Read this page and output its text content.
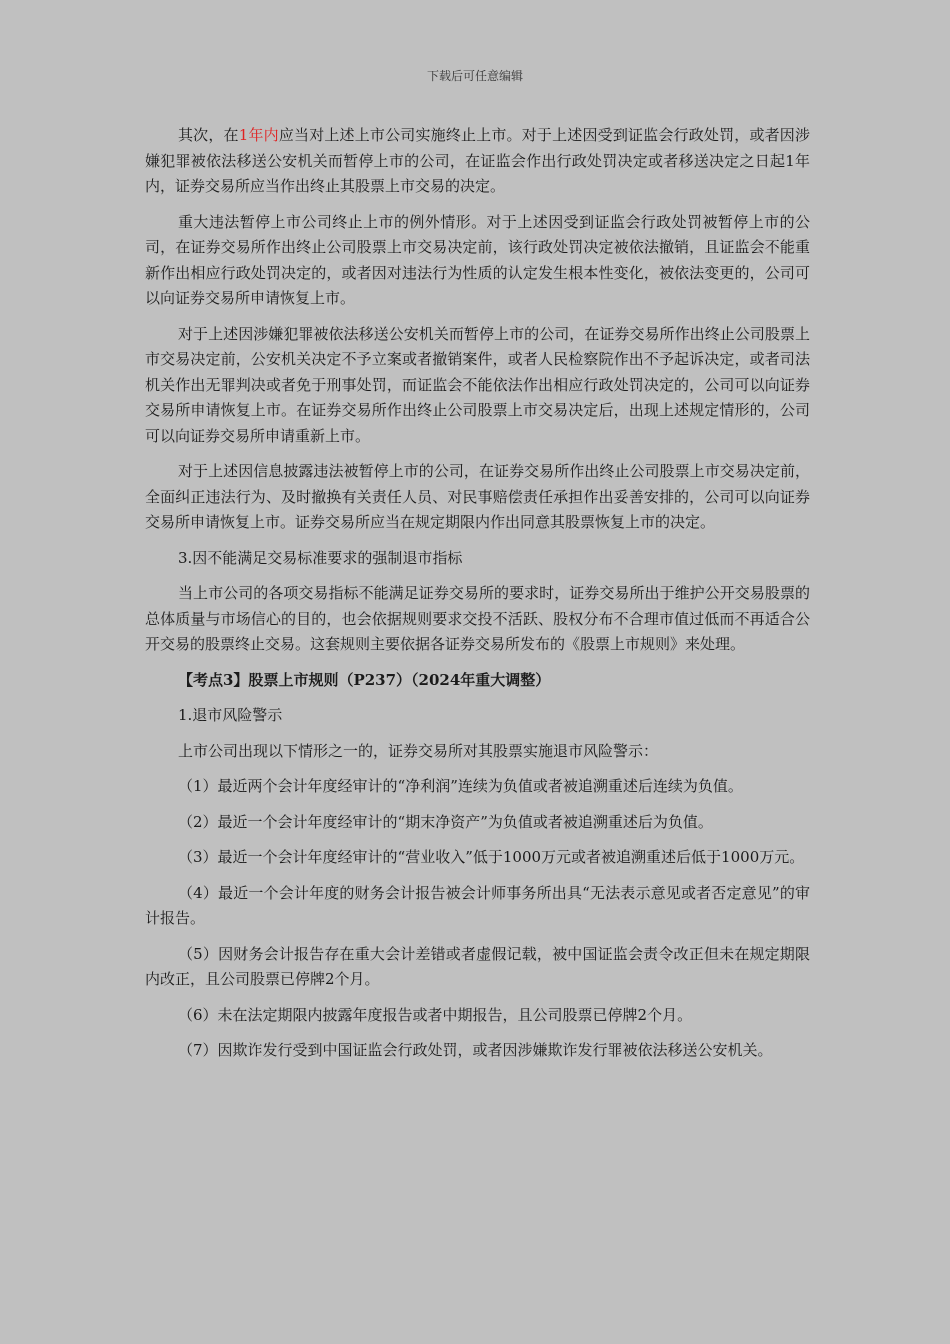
下载后可任意编辑

其次，在1年内应当对上述上市公司实施终止上市。对于上述因受到证监会行政处罚，或者因涉嫌犯罪被依法移送公安机关而暂停上市的公司，在证监会作出行政处罚决定或者移送决定之日起1年内，证券交易所应当作出终止其股票上市交易的决定。

重大违法暂停上市公司终止上市的例外情形。对于上述因受到证监会行政处罚被暂停上市的公司，在证券交易所作出终止公司股票上市交易决定前，该行政处罚决定被依法撤销，且证监会不能重新作出相应行政处罚决定的，或者因对违法行为性质的认定发生根本性变化，被依法变更的，公司可以向证券交易所申请恢复上市。

对于上述因涉嫌犯罪被依法移送公安机关而暂停上市的公司，在证券交易所作出终止公司股票上市交易决定前，公安机关决定不予立案或者撤销案件，或者人民检察院作出不予起诉决定，或者司法机关作出无罪判决或者免于刑事处罚，而证监会不能依法作出相应行政处罚决定的，公司可以向证券交易所申请恢复上市。在证券交易所作出终止公司股票上市交易决定后，出现上述规定情形的，公司可以向证券交易所申请重新上市。

对于上述因信息披露违法被暂停上市的公司，在证券交易所作出终止公司股票上市交易决定前，全面纠正违法行为、及时撤换有关责任人员、对民事赔偿责任承担作出妥善安排的，公司可以向证券交易所申请恢复上市。证券交易所应当在规定期限内作出同意其股票恢复上市的决定。

3.因不能满足交易标准要求的强制退市指标

当上市公司的各项交易指标不能满足证券交易所的要求时，证券交易所出于维护公开交易股票的总体质量与市场信心的目的，也会依据规则要求交投不活跃、股权分布不合理市值过低而不再适合公开交易的股票终止交易。这套规则主要依据各证券交易所发布的《股票上市规则》来处理。

【考点3】股票上市规则（P237）（2024年重大调整）

1.退市风险警示

上市公司出现以下情形之一的，证券交易所对其股票实施退市风险警示：

（1）最近两个会计年度经审计的“净利润”连续为负值或者被追溯重述后连续为负值。

（2）最近一个会计年度经审计的“期末净资产”为负值或者被追溯重述后为负值。

（3）最近一个会计年度经审计的“营业收入”低于1000万元或者被追溯重述后低于1000万元。

（4）最近一个会计年度的财务会计报告被会计师事务所出具“无法表示意见或者否定意见”的审计报告。

（5）因财务会计报告存在重大会计差错或者虚假记载，被中国证监会责令改正但未在规定期限内改正，且公司股票已停牌2个月。

（6）未在法定期限内披露年度报告或者中期报告，且公司股票已停牌2个月。

（7）因欺诈发行受到中国证监会行政处罚，或者因涉嫌欺诈发行罪被依法移送公安机关。
